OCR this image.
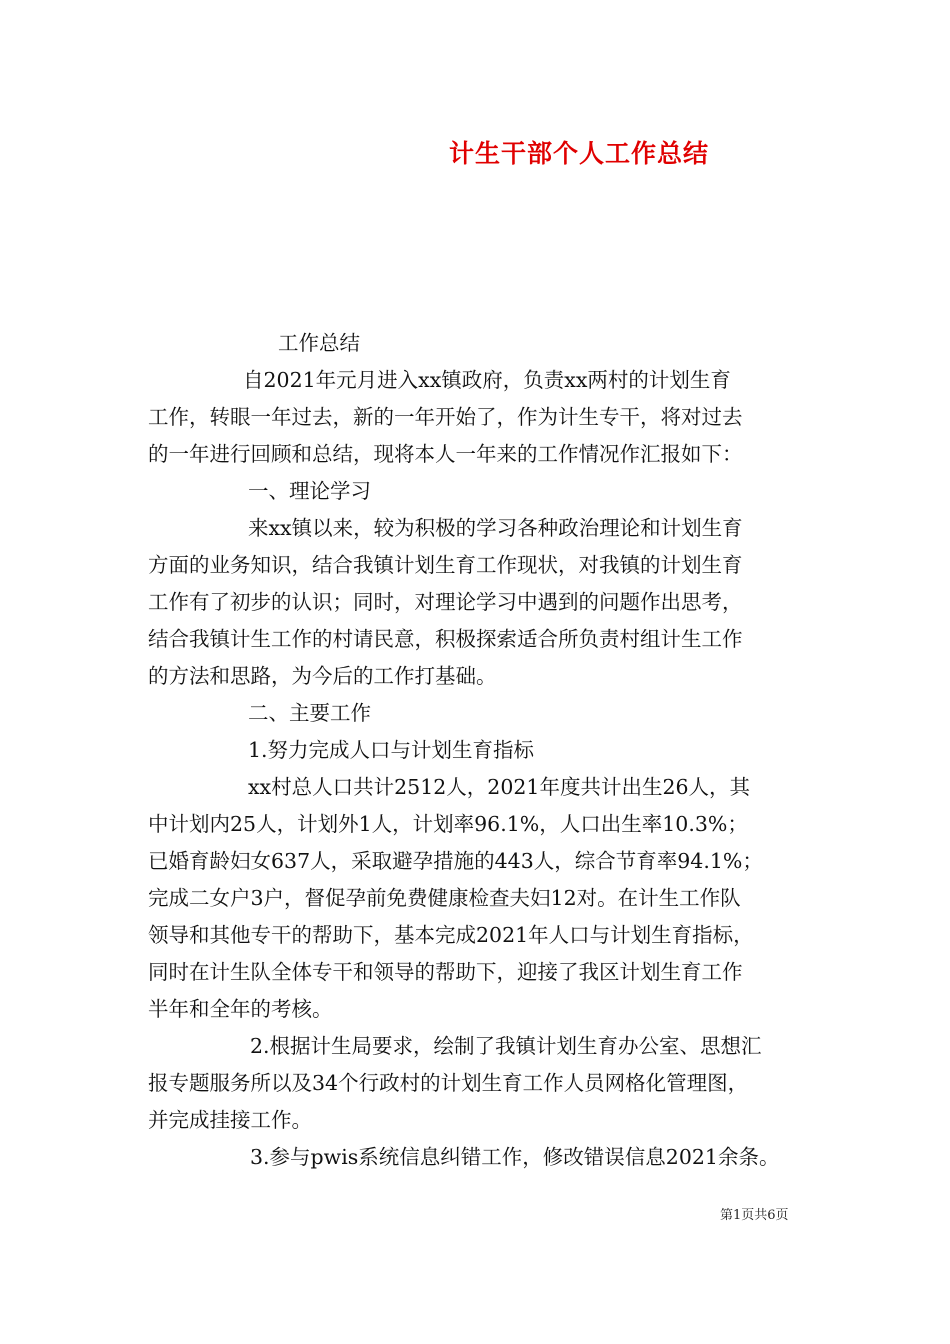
计生干部个人工作总结
工作总结
自2021年元月进入xx镇政府，负责xx两村的计划生育
工作，转眼一年过去，新的一年开始了，作为计生专干，将对过去
的一年进行回顾和总结，现将本人一年来的工作情况作汇报如下：
一、理论学习
来xx镇以来，较为积极的学习各种政治理论和计划生育
方面的业务知识，结合我镇计划生育工作现状，对我镇的计划生育
工作有了初步的认识；同时，对理论学习中遇到的问题作出思考，
结合我镇计生工作的村请民意，积极探索适合所负责村组计生工作
的方法和思路，为今后的工作打基础。
二、主要工作
1.努力完成人口与计划生育指标
xx村总人口共计2512人，2021年度共计出生26人，其
中计划内25人，计划外1人，计划率96.1%，人口出生率10.3%；
已婚育龄妇女637人，采取避孕措施的443人，综合节育率94.1%；
完成二女户3户，督促孕前免费健康检查夫妇12对。在计生工作队
领导和其他专干的帮助下，基本完成2021年人口与计划生育指标，
同时在计生队全体专干和领导的帮助下，迎接了我区计划生育工作
半年和全年的考核。
2.根据计生局要求，绘制了我镇计划生育办公室、思想汇
报专题服务所以及34个行政村的计划生育工作人员网格化管理图，
并完成挂接工作。
3.参与pwis系统信息纠错工作，修改错误信息2021余条。
第1页共6页
